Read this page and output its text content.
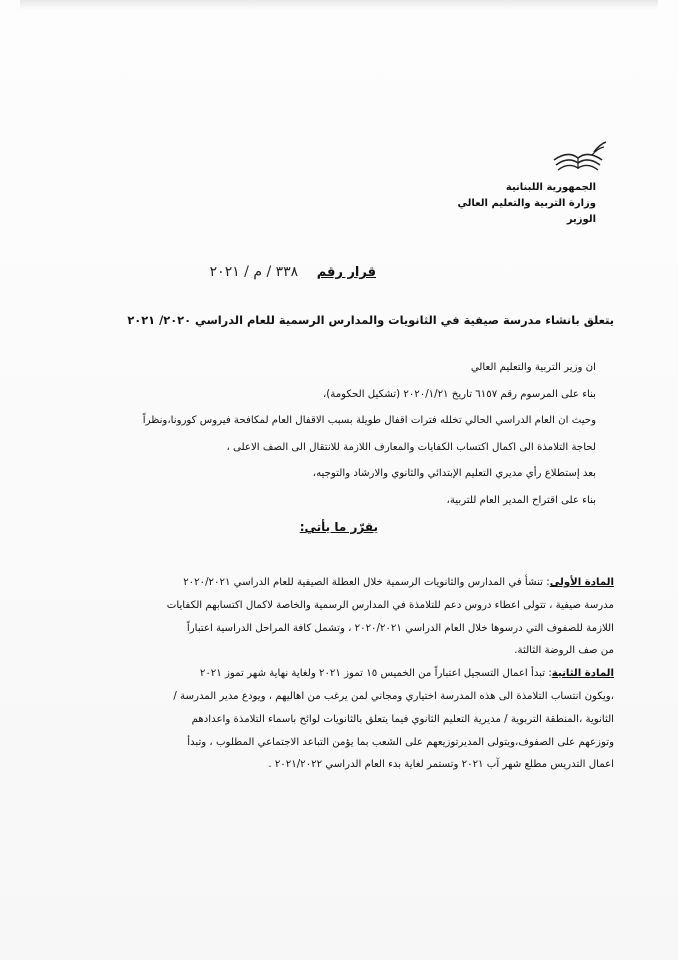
الجمهورية اللبنانية
وزارة التربية والتعليم العالي
الوزير
قرار رقم ٣٣٨ / م / ٢٠٢١
يتعلق بانشاء مدرسة صيفية في الثانويات والمدارس الرسمية للعام الدراسي ٢٠٢٠/ ٢٠٢١

ان وزير التربية والتعليم العالي

بناء على المرسوم رقم ٦١٥٧ تاريخ ٢٠٢٠/١/٢١ (تشكيل الحكومة)،

وحيث ان العام الدراسي الحالي تخلله فترات اقفال طويلة بسبب الاقفال العام لمكافحة فيروس كورونا،ونظراً

لحاجة التلامذة الى اكمال اكتساب الكفايات والمعارف اللازمة للانتقال الى الصف الاعلى ،

بعد إستطلاع رأي مديري التعليم الإبتدائي والثانوي والارشاد والتوجيه،

بناء على اقتراح المدير العام للتربية،

يقرّر ما يأتي:

المادة الأولى: تنشأ في المدارس والثانويات الرسمية خلال العطلة الصيفية للعام الدراسي ٢٠٢٠/٢٠٢١

مدرسة صيفية ، تتولى اعطاء دروس دعم للتلامذة في المدارس الرسمية والخاصة لاكمال اكتسابهم الكفايات

اللازمة للصفوف التي درسوها خلال العام الدراسي ٢٠٢٠/٢٠٢١ ، وتشمل كافة المراحل الدراسية اعتباراً

من صف الروضة الثالثة.

المادة الثانية: تبدأ اعمال التسجيل اعتباراً من الخميس ١٥ تموز ٢٠٢١ ولغاية نهاية شهر تموز ٢٠٢١

،ويكون انتساب التلامذة الى هذه المدرسة اختياري ومجاني لمن يرغب من اهاليهم ، ويودع مدير المدرسة /

الثانوية ،المنطقة التربوية / مديرية التعليم الثانوي فيما يتعلق بالثانويات لوائح باسماء التلامذة واعدادهم

وتوزعهم على الصفوف،ويتولى المديرتوزيعهم على الشعب بما يؤمن التباعد الاجتماعي المطلوب ، وتبدأ

اعمال التدريس مطلع شهر آب ٢٠٢١ وتستمر لغاية بدء العام الدراسي ٢٠٢١/٢٠٢٢ .
